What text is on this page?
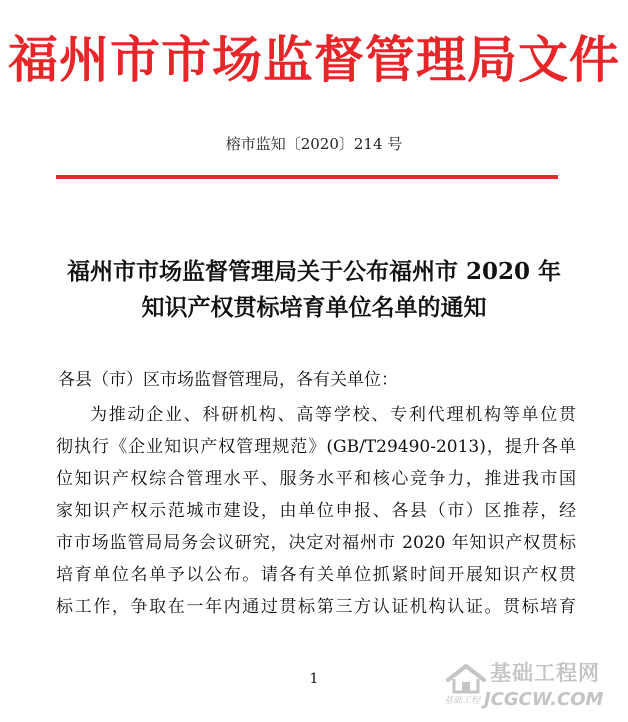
福州市市场监督管理局文件
榕市监知〔2020〕214 号
福州市市场监督管理局关于公布福州市 2020 年
知识产权贯标培育单位名单的通知
各县（市）区市场监督管理局，各有关单位：
为推动企业、科研机构、高等学校、专利代理机构等单位贯
彻执行《企业知识产权管理规范》(GB/T29490-2013)，提升各单
位知识产权综合管理水平、服务水平和核心竞争力，推进我市国
家知识产权示范城市建设，由单位申报、各县（市）区推荐，经
市市场监管局局务会议研究，决定对福州市 2020 年知识产权贯标
培育单位名单予以公布。请各有关单位抓紧时间开展知识产权贯
标工作，争取在一年内通过贯标第三方认证机构认证。贯标培育
1	基础工程网
基础工程 JCGCW.COM
